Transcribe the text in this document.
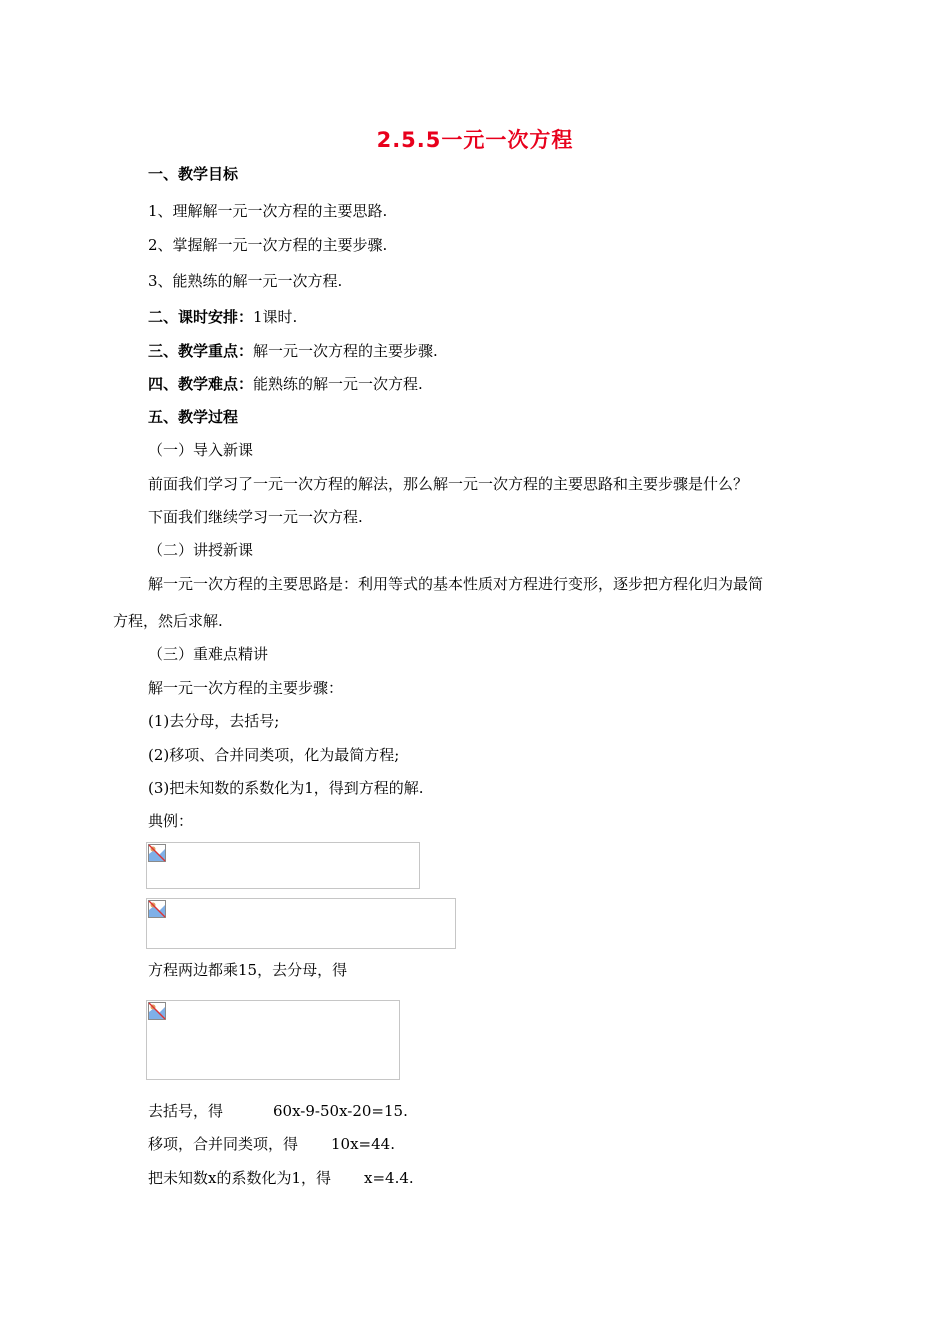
2.5.5一元一次方程
一、教学目标
1、理解解一元一次方程的主要思路.
2、掌握解一元一次方程的主要步骤.
3、能熟练的解一元一次方程.
二、课时安排：1课时.
三、教学重点：解一元一次方程的主要步骤.
四、教学难点：能熟练的解一元一次方程.
五、教学过程
（一）导入新课
前面我们学习了一元一次方程的解法，那么解一元一次方程的主要思路和主要步骤是什么？
下面我们继续学习一元一次方程.
（二）讲授新课
解一元一次方程的主要思路是：利用等式的基本性质对方程进行变形，逐步把方程化归为最简
方程，然后求解.
（三）重难点精讲
解一元一次方程的主要步骤：
(1)去分母，去括号;
(2)移项、合并同类项，化为最简方程;
(3)把未知数的系数化为1，得到方程的解.
典例：
方程两边都乘15，去分母，得
去括号，得	60x-9-50x-20=15.
移项，合并同类项，得 10x=44.
把未知数x的系数化为1，得 x=4.4.
